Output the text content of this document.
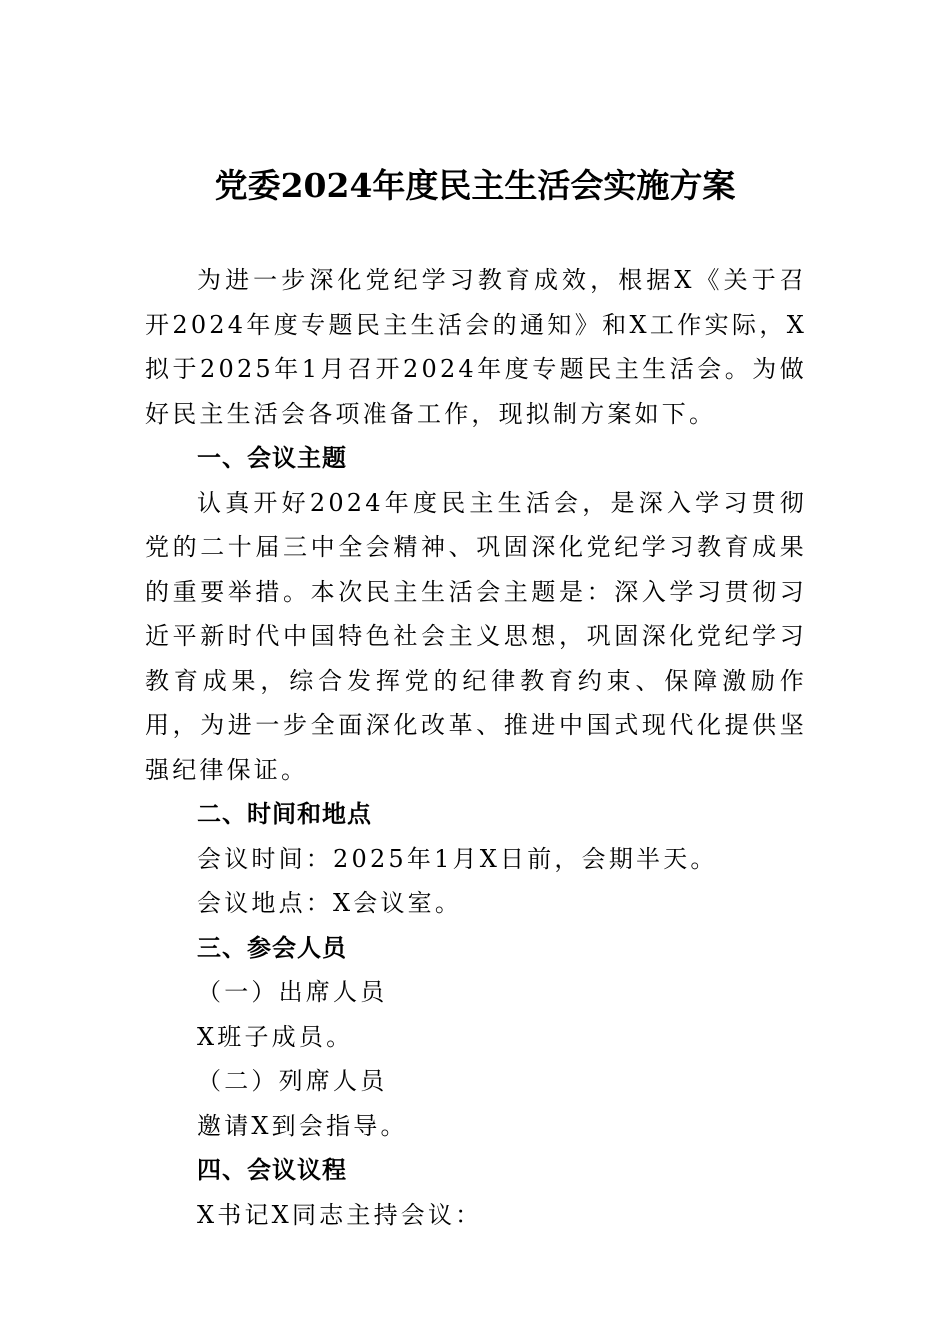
党委2024年度民主生活会实施方案

为进一步深化党纪学习教育成效，根据X《关于召开2024年度专题民主生活会的通知》和X工作实际，X拟于2025年1月召开2024年度专题民主生活会。为做好民主生活会各项准备工作，现拟制方案如下。

一、会议主题

认真开好2024年度民主生活会，是深入学习贯彻党的二十届三中全会精神、巩固深化党纪学习教育成果的重要举措。本次民主生活会主题是：深入学习贯彻习近平新时代中国特色社会主义思想，巩固深化党纪学习教育成果，综合发挥党的纪律教育约束、保障激励作用，为进一步全面深化改革、推进中国式现代化提供坚强纪律保证。

二、时间和地点

会议时间：2025年1月X日前，会期半天。

会议地点：X会议室。

三、参会人员

（一）出席人员

X班子成员。

（二）列席人员

邀请X到会指导。

四、会议议程

X书记X同志主持会议：
